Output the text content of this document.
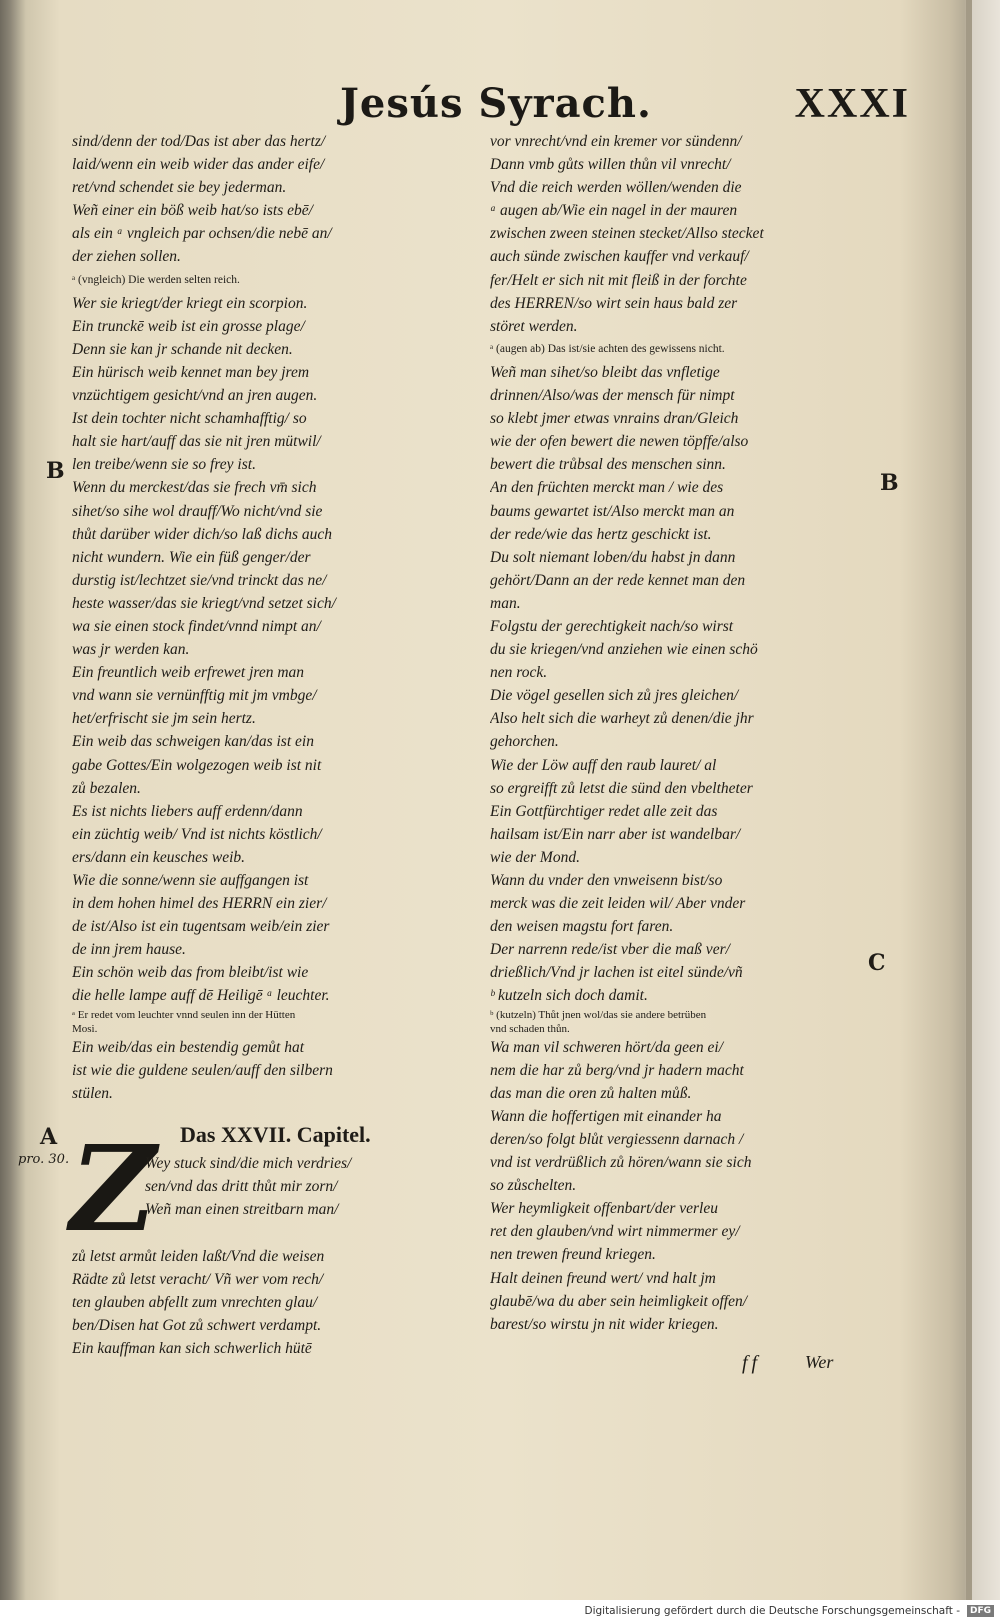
Jesús Syrach.	XXXI
sind/denn der tod/Das ist aber das hertz/
laid/wenn ein weib wider das ander eife/
ret/vnd schendet sie bey jederman.
Weñ einer ein böß weib hat/so ists ebē/
als ein ᵃ vngleich par ochsen/die nebē an/
der ziehen sollen.
ᵃ (vngleich) Die werden selten reich.
Wer sie kriegt/der kriegt ein scorpion.
Ein trunckē weib ist ein grosse plage/
Denn sie kan jr schande nit decken.
Ein hürisch weib kennet man bey jrem
vnzüchtigem gesicht/vnd an jren augen.
Ist dein tochter nicht schamhafftig/ so
halt sie hart/auff das sie nit jren mütwil/
len treibe/wenn sie so frey ist.
Wenn du merckest/das sie frech vm̄ sich
sihet/so sihe wol drauff/Wo nicht/vnd sie
thůt darüber wider dich/so laß dichs auch
nicht wundern. Wie ein füß genger/der
durstig ist/lechtzet sie/vnd trinckt das ne/
heste wasser/das sie kriegt/vnd setzet sich/
wa sie einen stock findet/vnnd nimpt an/
was jr werden kan.
Ein freuntlich weib erfrewet jren man
vnd wann sie vernünfftig mit jm vmbge/
het/erfrischt sie jm sein hertz.
Ein weib das schweigen kan/das ist ein
gabe Gottes/Ein wolgezogen weib ist nit
zů bezalen.
Es ist nichts liebers auff erdenn/dann
ein züchtig weib/ Vnd ist nichts köstlich/
ers/dann ein keusches weib.
Wie die sonne/wenn sie auffgangen ist
in dem hohen himel des HERRN ein zier/
de ist/Also ist ein tugentsam weib/ein zier
de inn jrem hause.
Ein schön weib das from bleibt/ist wie
die helle lampe auff dē Heiligē ᵃ leuchter.
ᵃ Er redet vom leuchter vnnd seulen inn der Hütten
Mosi.
Ein weib/das ein bestendig gemůt hat
ist wie die guldene seulen/auff den silbern
stülen.
B
A
pro. 30.
Das XXVII. Capitel.
Z
Wey stuck sind/die mich verdries/
sen/vnd das dritt thůt mir zorn/
Weñ man einen streitbarn man/
zů letst armůt leiden laßt/Vnd die weisen
Rädte zů letst veracht/ Vñ wer vom rech/
ten glauben abfellt zum vnrechten glau/
ben/Disen hat Got zů schwert verdampt.
Ein kauffman kan sich schwerlich hütē
vor vnrecht/vnd ein kremer vor sündenn/
Dann vmb gůts willen thůn vil vnrecht/
Vnd die reich werden wöllen/wenden die
ᵃ augen ab/Wie ein nagel in der mauren
zwischen zween steinen stecket/Allso stecket
auch sünde zwischen kauffer vnd verkauf/
fer/Helt er sich nit mit fleiß in der forchte
des HERREN/so wirt sein haus bald zer
störet werden.
ᵃ (augen ab) Das ist/sie achten des gewissens nicht.
Weñ man sihet/so bleibt das vnfletige
drinnen/Also/was der mensch für nimpt
so klebt jmer etwas vnrains dran/Gleich
wie der ofen bewert die newen töpffe/also
bewert die trůbsal des menschen sinn.
An den früchten merckt man / wie des
baums gewartet ist/Also merckt man an
der rede/wie das hertz geschickt ist.
Du solt niemant loben/du habst jn dann
gehört/Dann an der rede kennet man den
man.
Folgstu der gerechtigkeit nach/so wirst
du sie kriegen/vnd anziehen wie einen schö
nen rock.
Die vögel gesellen sich zů jres gleichen/
Also helt sich die warheyt zů denen/die jhr
gehorchen.
Wie der Löw auff den raub lauret/ al
so ergreifft zů letst die sünd den vbeltheter
Ein Gottfürchtiger redet alle zeit das
hailsam ist/Ein narr aber ist wandelbar/
wie der Mond.
Wann du vnder den vnweisenn bist/so
merck was die zeit leiden wil/ Aber vnder
den weisen magstu fort faren.
Der narrenn rede/ist vber die maß ver/
drießlich/Vnd jr lachen ist eitel sünde/vñ
ᵇ kutzeln sich doch damit.
ᵇ (kutzeln) Thůt jnen wol/das sie andere betrüben
vnd schaden thůn.
Wa man vil schweren hört/da geen ei/
nem die har zů berg/vnd jr hadern macht
das man die oren zů halten můß.
Wann die hoffertigen mit einander ha
deren/so folgt blůt vergiessenn darnach /
vnd ist verdrüßlich zů hören/wann sie sich
so zůschelten.
Wer heymligkeit offenbart/der verleu
ret den glauben/vnd wirt nimmermer ey/
nen trewen freund kriegen.
Halt deinen freund wert/ vnd halt jm
glaubē/wa du aber sein heimligkeit offen/
barest/so wirstu jn nit wider kriegen.
B
C
ff Wer
Digitalisierung gefördert durch die Deutsche Forschungsgemeinschaft -	DFG
